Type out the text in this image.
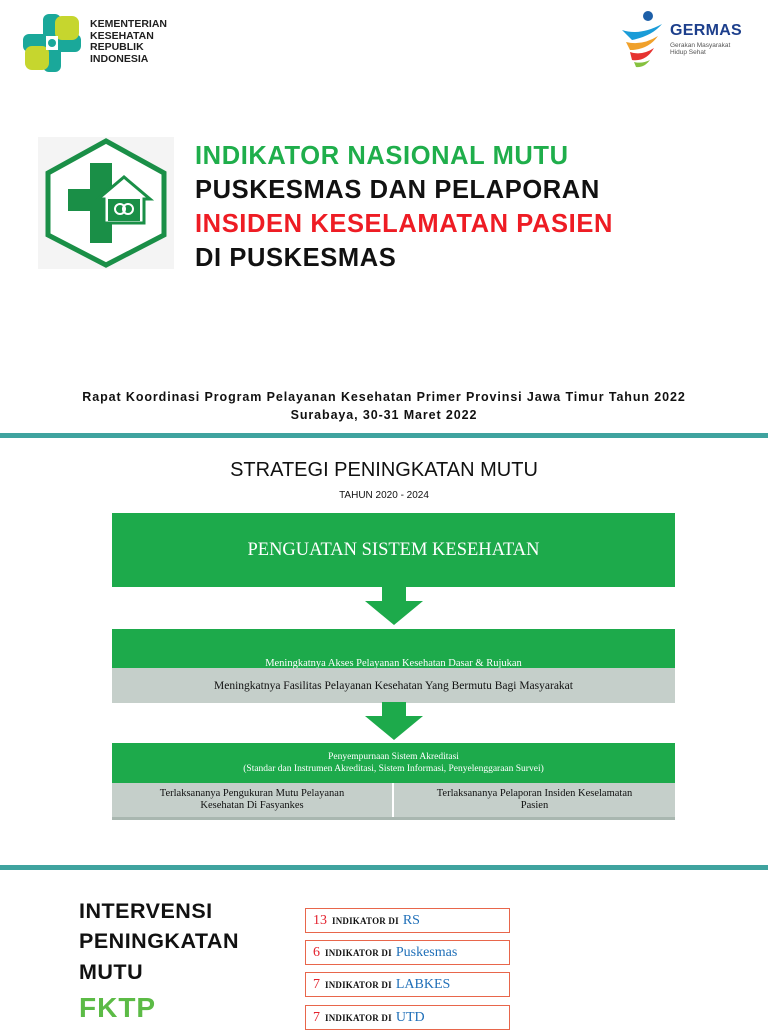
KEMENTERIAN
KESEHATAN
REPUBLIK
INDONESIA
GERMAS
Gerakan Masyarakat
Hidup Sehat
INDIKATOR NASIONAL MUTU
PUSKESMAS DAN PELAPORAN
INSIDEN KESELAMATAN PASIEN
DI PUSKESMAS
Rapat Koordinasi Program Pelayanan Kesehatan Primer Provinsi Jawa Timur Tahun 2022
Surabaya, 30-31 Maret 2022
STRATEGI PENINGKATAN MUTU
TAHUN 2020 - 2024
PENGUATAN SISTEM KESEHATAN
Meningkatnya Akses Pelayanan Kesehatan Dasar & Rujukan
Meningkatnya Fasilitas Pelayanan Kesehatan Yang Bermutu Bagi Masyarakat
Penyempurnaan Sistem Akreditasi
(Standar dan Instrumen Akreditasi, Sistem Informasi, Penyelenggaraan Survei)
Terlaksananya Pengukuran Mutu Pelayanan
Kesehatan Di Fasyankes
Terlaksananya Pelaporan Insiden Keselamatan
Pasien
INTERVENSI
PENINGKATAN
MUTU
FKTP
13 INDIKATOR DI RS
6 INDIKATOR DI Puskesmas
7 INDIKATOR DI LABKES
7 INDIKATOR DI UTD
